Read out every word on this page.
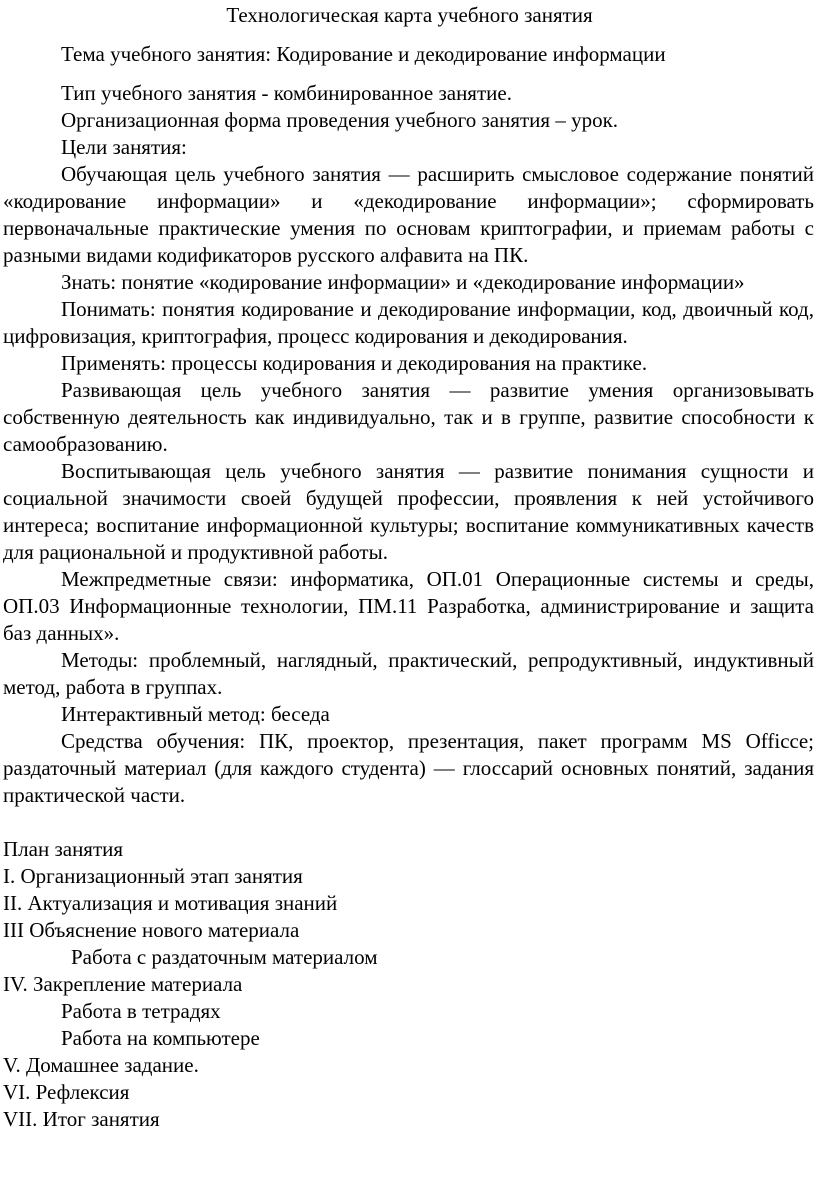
Технологическая карта учебного занятия

Тема учебного занятия: Кодирование и декодирование информации

Тип учебного занятия - комбинированное занятие.

Организационная форма проведения учебного занятия – урок.

Цели занятия:

Обучающая цель учебного занятия — расширить смысловое содержание понятий «кодирование информации» и «декодирование информации»; сформировать первоначальные практические умения по основам криптографии, и приемам работы с разными видами кодификаторов русского алфавита на ПК.

Знать: понятие «кодирование информации» и «декодирование информации»

Понимать: понятия кодирование и декодирование информации, код, двоичный код, цифровизация, криптография, процесс кодирования и декодирования.

Применять: процессы кодирования и декодирования на практике.

Развивающая цель учебного занятия — развитие умения организовывать собственную деятельность как индивидуально, так и в группе, развитие способности к самообразованию.

Воспитывающая цель учебного занятия — развитие понимания сущности и социальной значимости своей будущей профессии, проявления к ней устойчивого интереса; воспитание информационной культуры; воспитание коммуникативных качеств для рациональной и продуктивной работы.

Межпредметные связи: информатика, ОП.01 Операционные системы и среды, ОП.03 Информационные технологии, ПМ.11 Разработка, администрирование и защита баз данных».

Методы: проблемный, наглядный, практический, репродуктивный, индуктивный метод, работа в группах.

Интерактивный метод: беседа

Средства обучения: ПК, проектор, презентация, пакет программ MS Officce; раздаточный материал (для каждого студента) — глоссарий основных понятий, задания практической части.

План занятия

I. Организационный этап занятия

II. Актуализация и мотивация знаний

III Объяснение нового материала

Работа с раздаточным материалом

IV. Закрепление материала

Работа в тетрадях

Работа на компьютере

V. Домашнее задание.

VI. Рефлексия

VII. Итог занятия
